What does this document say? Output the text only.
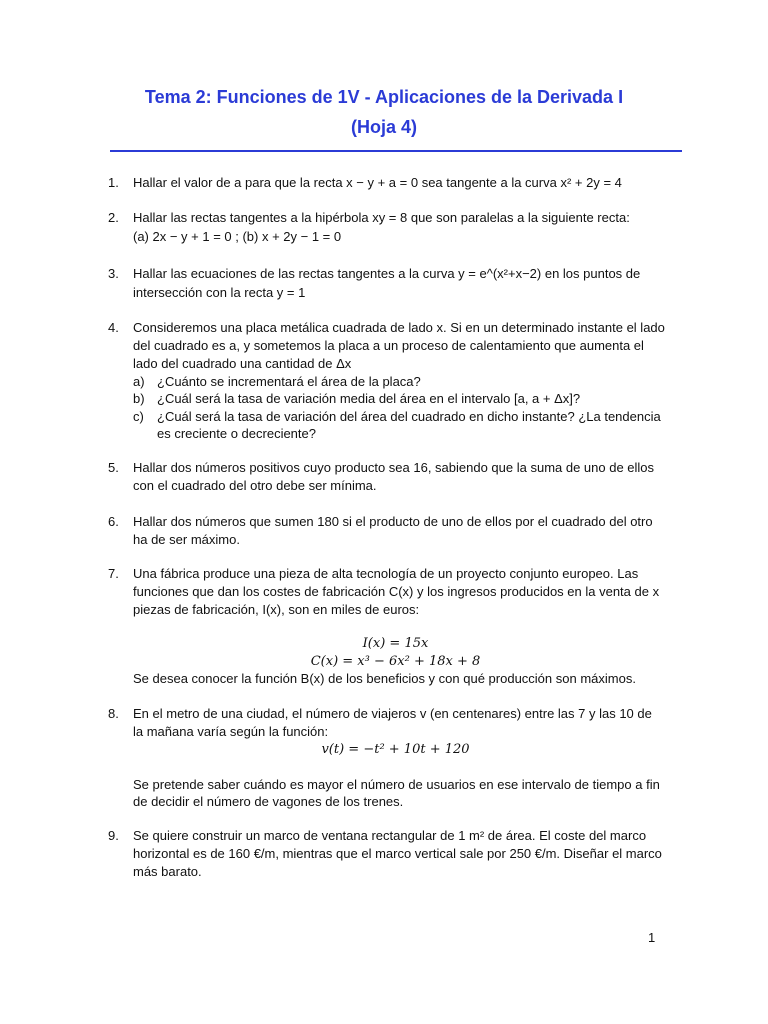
Tema 2: Funciones de 1V - Aplicaciones de la Derivada I
(Hoja 4)
1.	Hallar el valor de a para que la recta x − y + a = 0 sea tangente a la curva x² + 2y = 4
2.	Hallar las rectas tangentes a la hipérbola xy = 8 que son paralelas a la siguiente recta:
(a) 2x − y + 1 = 0 ; (b) x + 2y − 1 = 0
3.	Hallar las ecuaciones de las rectas tangentes a la curva y = e^(x²+x−2) en los puntos de
intersección con la recta y = 1
4.	Consideremos una placa metálica cuadrada de lado x. Si en un determinado instante el lado
del cuadrado es a, y sometemos la placa a un proceso de calentamiento que aumenta el
lado del cuadrado una cantidad de Δx
a) ¿Cuánto se incrementará el área de la placa?
b) ¿Cuál será la tasa de variación media del área en el intervalo [a, a + Δx]?
c)	¿Cuál será la tasa de variación del área del cuadrado en dicho instante? ¿La tendencia
es creciente o decreciente?
5.	Hallar dos números positivos cuyo producto sea 16, sabiendo que la suma de uno de ellos
con el cuadrado del otro debe ser mínima.
6.	Hallar dos números que sumen 180 si el producto de uno de ellos por el cuadrado del otro
ha de ser máximo.
7.	Una fábrica produce una pieza de alta tecnología de un proyecto conjunto europeo. Las
funciones que dan los costes de fabricación C(x) y los ingresos producidos en la venta de x
piezas de fabricación, I(x), son en miles de euros:
I(x) = 15x
C(x) = x³ − 6x² + 18x + 8
Se desea conocer la función B(x) de los beneficios y con qué producción son máximos.
8.	En el metro de una ciudad, el número de viajeros v (en centenares) entre las 7 y las 10 de
la mañana varía según la función:
v(t) = −t² + 10t + 120
Se pretende saber cuándo es mayor el número de usuarios en ese intervalo de tiempo a fin
de decidir el número de vagones de los trenes.
9.	Se quiere construir un marco de ventana rectangular de 1 m² de área. El coste del marco
horizontal es de 160 €/m, mientras que el marco vertical sale por 250 €/m. Diseñar el marco
más barato.
1
